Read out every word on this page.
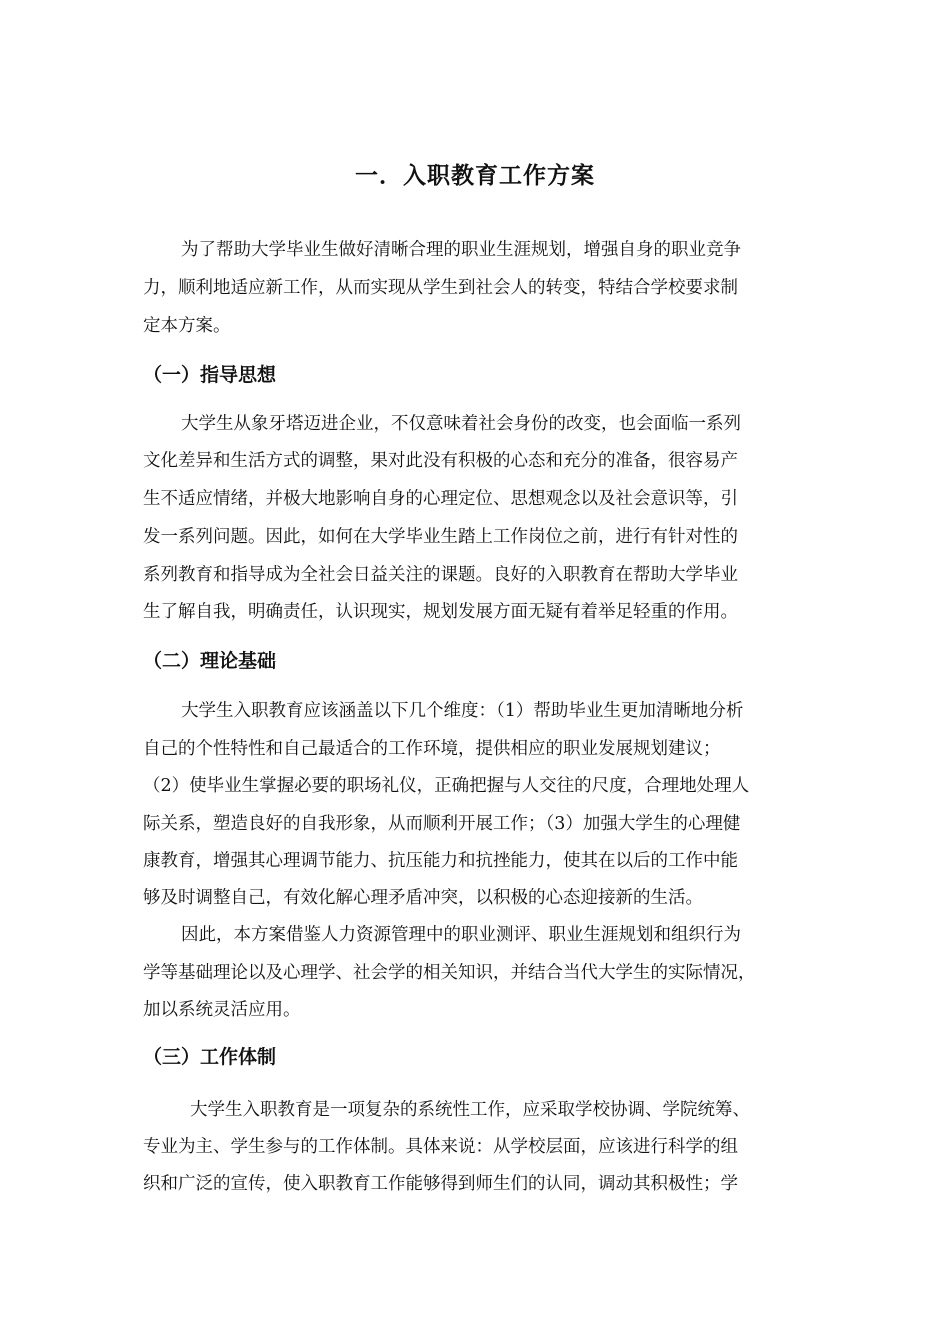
一．入职教育工作方案
为了帮助大学毕业生做好清晰合理的职业生涯规划，增强自身的职业竞争
力，顺利地适应新工作，从而实现从学生到社会人的转变，特结合学校要求制
定本方案。
（一）指导思想
大学生从象牙塔迈进企业，不仅意味着社会身份的改变，也会面临一系列
文化差异和生活方式的调整，果对此没有积极的心态和充分的准备，很容易产
生不适应情绪，并极大地影响自身的心理定位、思想观念以及社会意识等，引
发一系列问题。因此，如何在大学毕业生踏上工作岗位之前，进行有针对性的
系列教育和指导成为全社会日益关注的课题。良好的入职教育在帮助大学毕业
生了解自我，明确责任，认识现实，规划发展方面无疑有着举足轻重的作用。
（二）理论基础
大学生入职教育应该涵盖以下几个维度：（1）帮助毕业生更加清晰地分析
自己的个性特性和自己最适合的工作环境，提供相应的职业发展规划建议；
（2）使毕业生掌握必要的职场礼仪，正确把握与人交往的尺度，合理地处理人
际关系，塑造良好的自我形象，从而顺利开展工作；（3）加强大学生的心理健
康教育，增强其心理调节能力、抗压能力和抗挫能力，使其在以后的工作中能
够及时调整自己，有效化解心理矛盾冲突，以积极的心态迎接新的生活。
因此，本方案借鉴人力资源管理中的职业测评、职业生涯规划和组织行为
学等基础理论以及心理学、社会学的相关知识，并结合当代大学生的实际情况，
加以系统灵活应用。
（三）工作体制
大学生入职教育是一项复杂的系统性工作，应采取学校协调、学院统筹、
专业为主、学生参与的工作体制。具体来说：从学校层面，应该进行科学的组
织和广泛的宣传，使入职教育工作能够得到师生们的认同，调动其积极性；学
